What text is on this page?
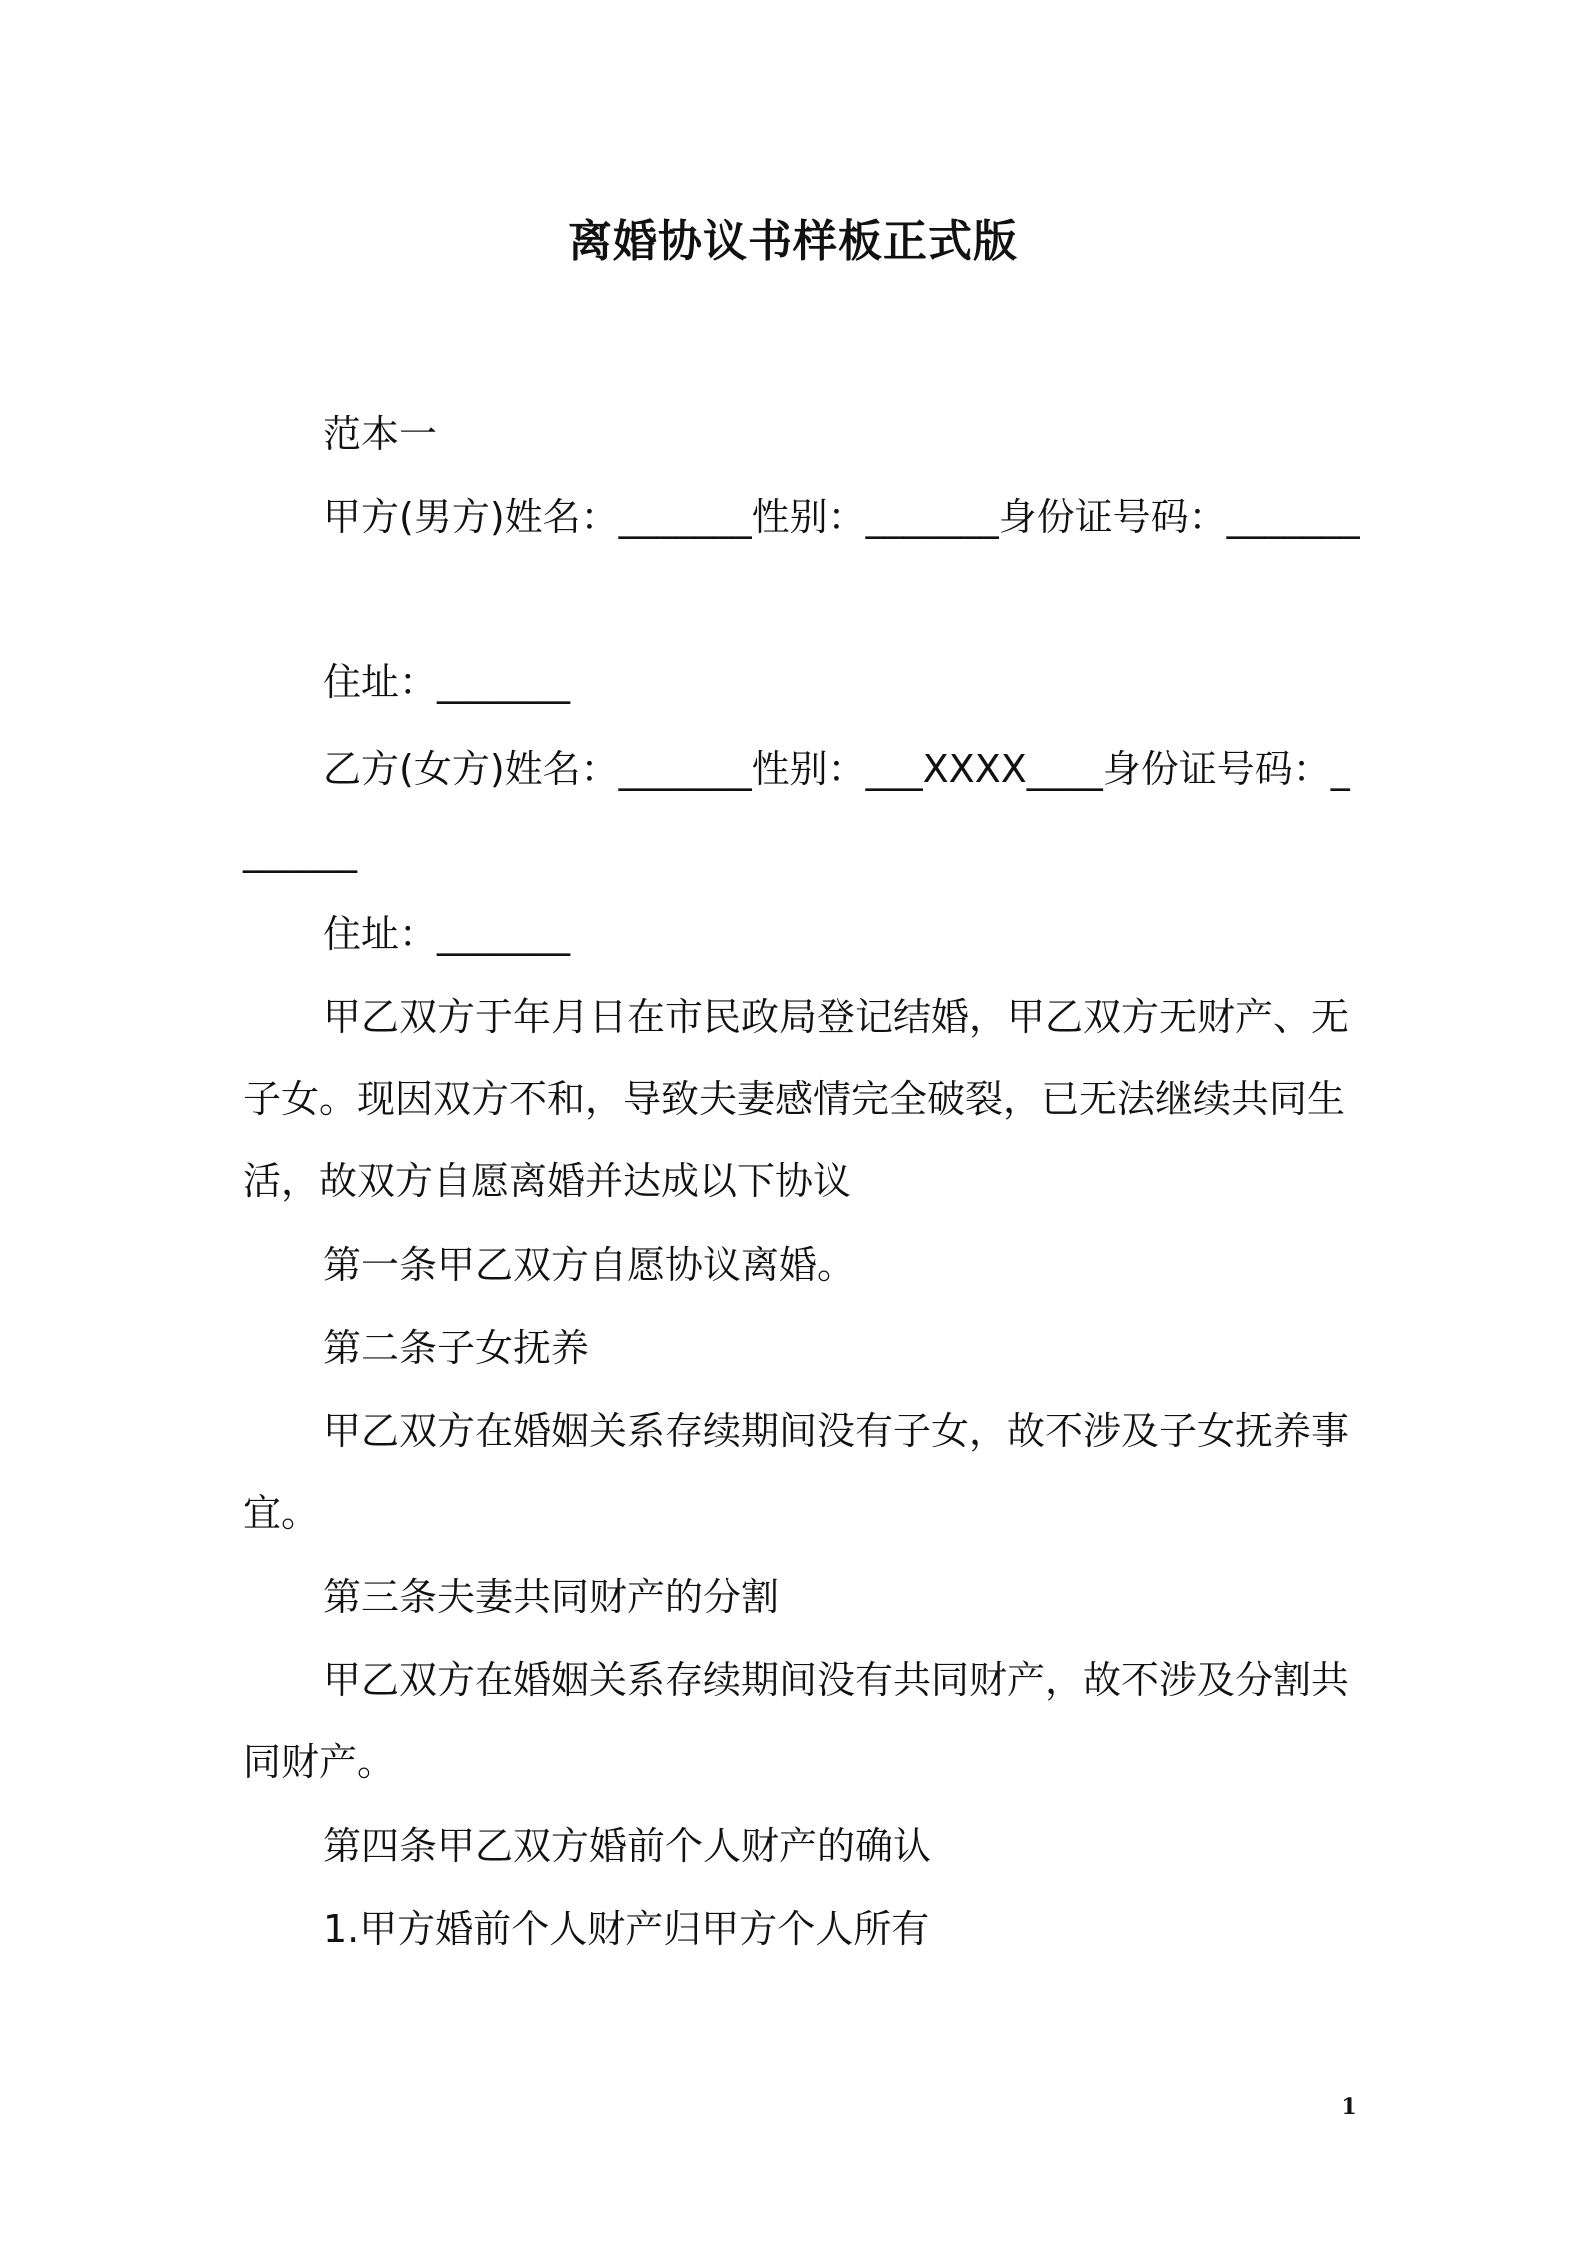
离婚协议书样板正式版

范本一

甲方(男方)姓名：_______性别：_______身份证号码：_______

住址：_______

乙方(女方)姓名：_______性别：___XXXX____身份证号码：_______

住址：_______

甲乙双方于年月日在市民政局登记结婚，甲乙双方无财产、无子女。现因双方不和，导致夫妻感情完全破裂，已无法继续共同生活，故双方自愿离婚并达成以下协议

第一条甲乙双方自愿协议离婚。

第二条子女抚养

甲乙双方在婚姻关系存续期间没有子女，故不涉及子女抚养事宜。

第三条夫妻共同财产的分割

甲乙双方在婚姻关系存续期间没有共同财产，故不涉及分割共同财产。

第四条甲乙双方婚前个人财产的确认

1.甲方婚前个人财产归甲方个人所有

1
